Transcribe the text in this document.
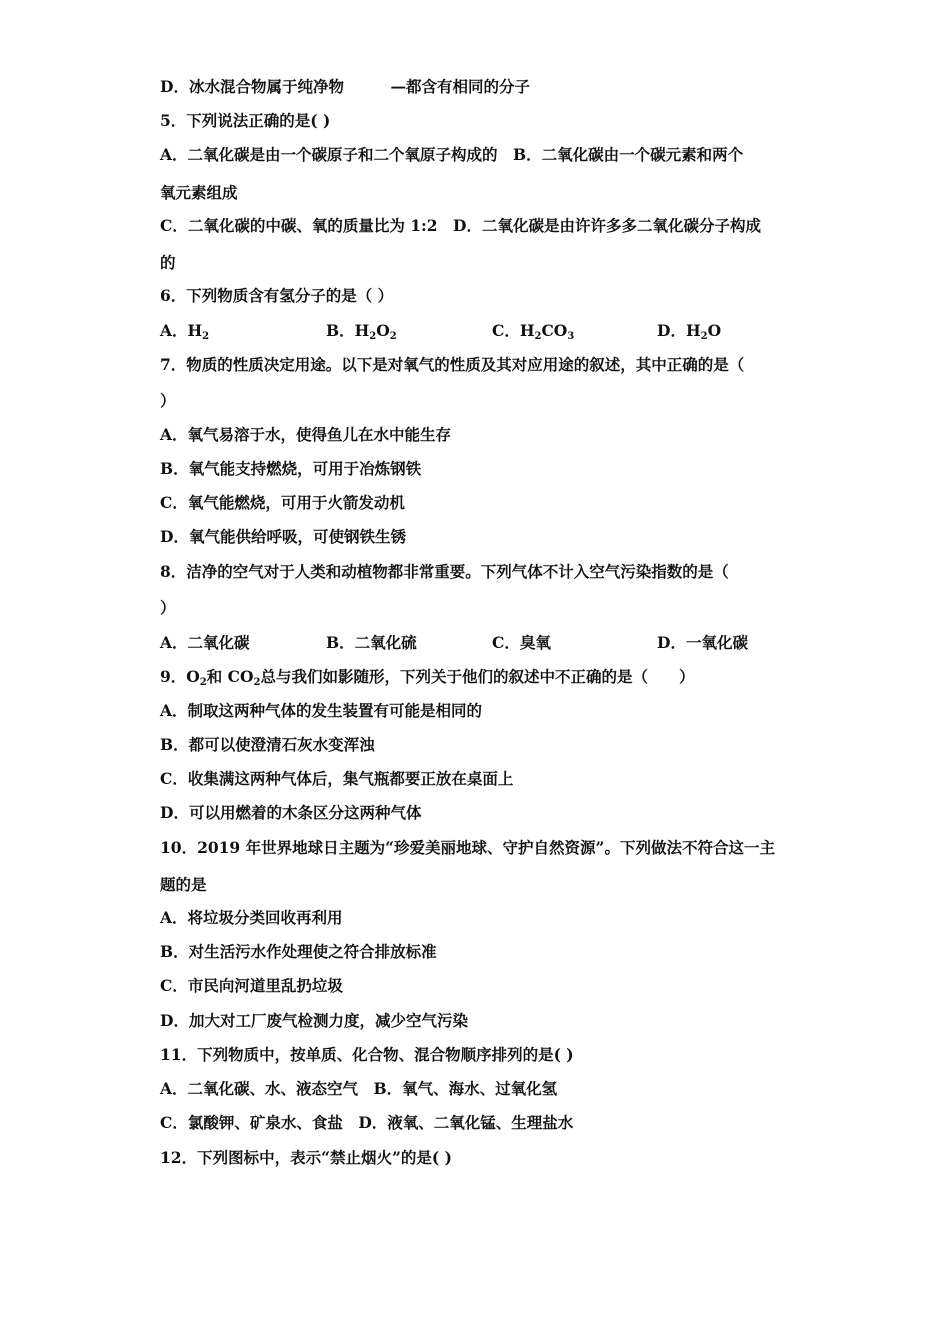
D．冰水混合物属于纯净物　　　—都含有相同的分子
5．下列说法正确的是( )
A．二氧化碳是由一个碳原子和二个氧原子构成的　B．二氧化碳由一个碳元素和两个
氧元素组成
C．二氧化碳的中碳、氧的质量比为 1:2　D．二氧化碳是由许许多多二氧化碳分子构成
的
6．下列物质含有氢分子的是（ ）
A．$H_2$	B．$H_2O_2$	C．$H_2CO_3$	D．$H_2O$
7．物质的性质决定用途。以下是对氧气的性质及其对应用途的叙述，其中正确的是（
）
A．氧气易溶于水，使得鱼儿在水中能生存
B．氧气能支持燃烧，可用于冶炼钢铁
C．氧气能燃烧，可用于火箭发动机
D．氧气能供给呼吸，可使钢铁生锈
8．洁净的空气对于人类和动植物都非常重要。下列气体不计入空气污染指数的是（
）
A．二氧化碳	B．二氧化硫	C．臭氧	D．一氧化碳
9．$O_2$和 $CO_2$总与我们如影随形，下列关于他们的叙述中不正确的是（　　）
A．制取这两种气体的发生装置有可能是相同的
B．都可以使澄清石灰水变浑浊
C．收集满这两种气体后，集气瓶都要正放在桌面上
D．可以用燃着的木条区分这两种气体
10．2019 年世界地球日主题为“珍爱美丽地球、守护自然资源”。下列做法不符合这一主
题的是
A．将垃圾分类回收再利用
B．对生活污水作处理使之符合排放标准
C．市民向河道里乱扔垃圾
D．加大对工厂废气检测力度，减少空气污染
11．下列物质中，按单质、化合物、混合物顺序排列的是( )
A．二氧化碳、水、液态空气　B．氧气、海水、过氧化氢
C．氯酸钾、矿泉水、食盐　D．液氧、二氧化锰、生理盐水
12．下列图标中，表示“禁止烟火”的是( )
